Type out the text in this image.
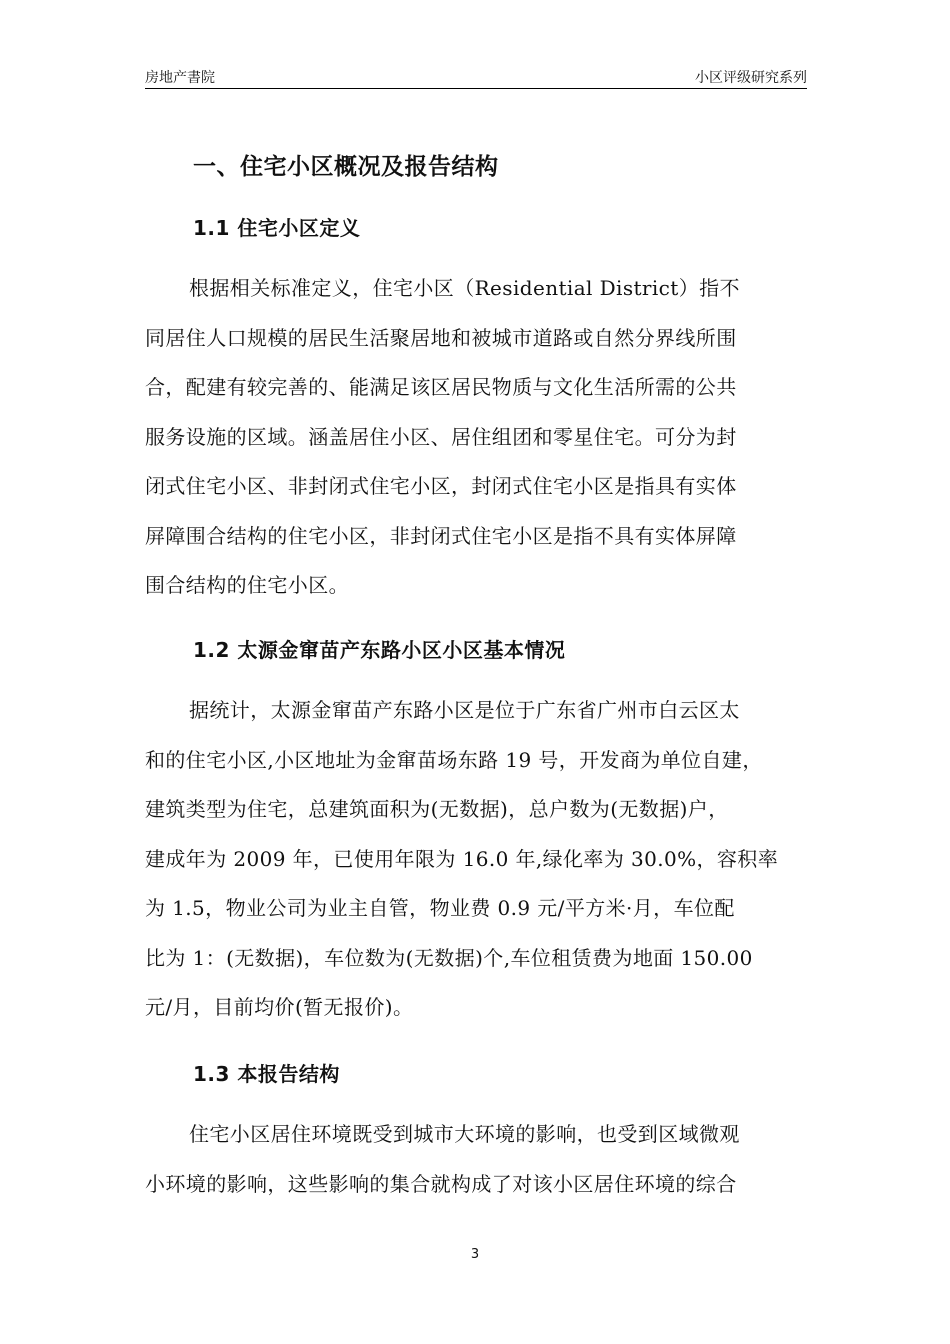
房地产書院	小区评级研究系列
一、住宅小区概况及报告结构
1.1 住宅小区定义
根据相关标准定义，住宅小区（Residential District）指不
同居住人口规模的居民生活聚居地和被城市道路或自然分界线所围
合，配建有较完善的、能满足该区居民物质与文化生活所需的公共
服务设施的区域。涵盖居住小区、居住组团和零星住宅。可分为封
闭式住宅小区、非封闭式住宅小区，封闭式住宅小区是指具有实体
屏障围合结构的住宅小区，非封闭式住宅小区是指不具有实体屏障
围合结构的住宅小区。
1.2 太源金窜苗产东路小区小区基本情况
据统计，太源金窜苗产东路小区是位于广东省广州市白云区太
和的住宅小区,小区地址为金窜苗场东路 19 号，开发商为单位自建，
建筑类型为住宅，总建筑面积为(无数据)，总户数为(无数据)户，
建成年为 2009 年，已使用年限为 16.0 年,绿化率为 30.0%，容积率
为 1.5，物业公司为业主自管，物业费 0.9 元/平方米·月，车位配
比为 1：(无数据)，车位数为(无数据)个,车位租赁费为地面 150.00
元/月，目前均价(暂无报价)。
1.3 本报告结构
住宅小区居住环境既受到城市大环境的影响，也受到区域微观
小环境的影响，这些影响的集合就构成了对该小区居住环境的综合
3
